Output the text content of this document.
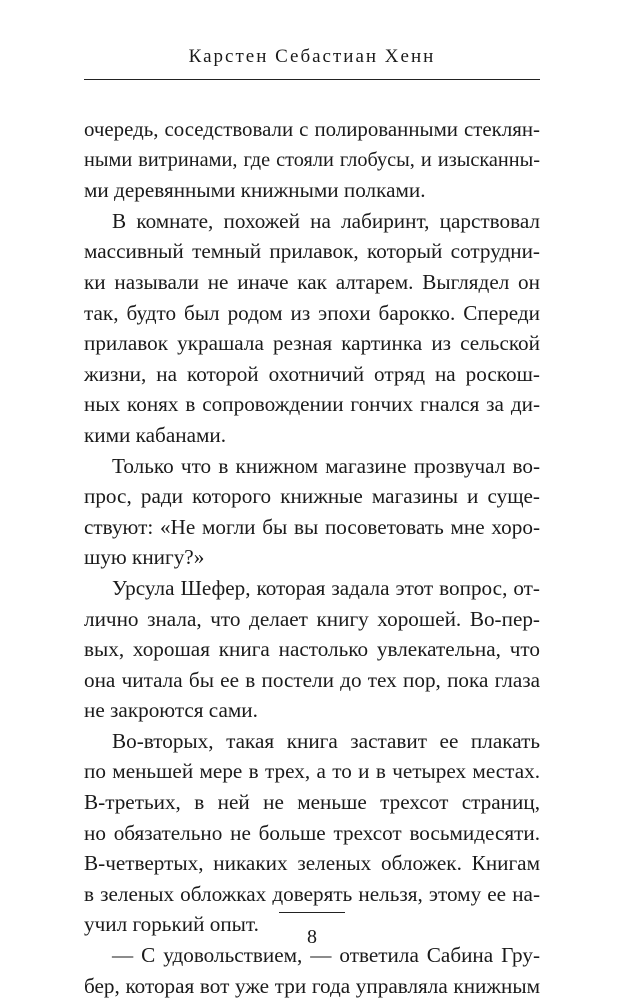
Карстен Себастиан Хенн

очередь, соседствовали с полированными стеклян-
ными витринами, где стояли глобусы, и изысканны-
ми деревянными книжными полками.

В комнате, похожей на лабиринт, царствовал
массивный темный прилавок, который сотрудни-
ки называли не иначе как алтарем. Выглядел он
так, будто был родом из эпохи барокко. Спереди
прилавок украшала резная картинка из сельской
жизни, на которой охотничий отряд на роскош-
ных конях в сопровождении гончих гнался за ди-
кими кабанами.

Только что в книжном магазине прозвучал во-
прос, ради которого книжные магазины и суще-
ствуют: «Не могли бы вы посоветовать мне хоро-
шую книгу?»

Урсула Шефер, которая задала этот вопрос, от-
лично знала, что делает книгу хорошей. Во-пер-
вых, хорошая книга настолько увлекательна, что
она читала бы ее в постели до тех пор, пока глаза
не закроются сами.

Во-вторых, такая книга заставит ее плакать
по меньшей мере в трех, а то и в четырех местах.
В-третьих, в ней не меньше трехсот страниц,
но обязательно не больше трехсот восьмидесяти.
В-четвертых, никаких зеленых обложек. Книгам
в зеленых обложках доверять нельзя, этому ее на-
учил горький опыт.

— С удовольствием, — ответила Сабина Гру-
бер, которая вот уже три года управляла книжным

8
